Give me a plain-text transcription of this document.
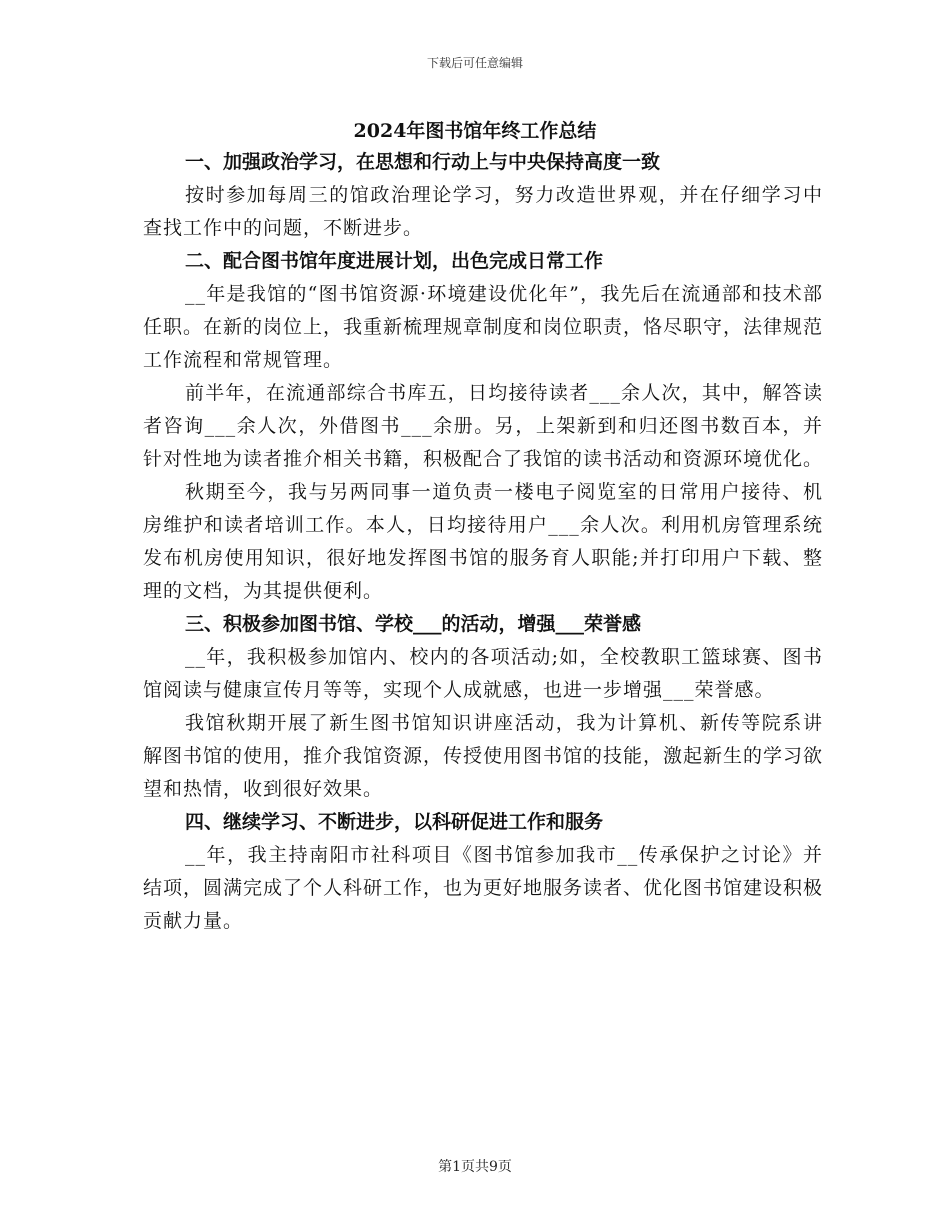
下载后可任意编辑
2024年图书馆年终工作总结
一、加强政治学习，在思想和行动上与中央保持高度一致

按时参加每周三的馆政治理论学习，努力改造世界观，并在仔细学习中查找工作中的问题，不断进步。

二、配合图书馆年度进展计划，出色完成日常工作

__年是我馆的“图书馆资源·环境建设优化年”，我先后在流通部和技术部任职。在新的岗位上，我重新梳理规章制度和岗位职责，恪尽职守，法律规范工作流程和常规管理。

前半年，在流通部综合书库五，日均接待读者___余人次，其中，解答读者咨询___余人次，外借图书___余册。另，上架新到和归还图书数百本，并针对性地为读者推介相关书籍，积极配合了我馆的读书活动和资源环境优化。

秋期至今，我与另两同事一道负责一楼电子阅览室的日常用户接待、机房维护和读者培训工作。本人，日均接待用户___余人次。利用机房管理系统发布机房使用知识，很好地发挥图书馆的服务育人职能;并打印用户下载、整理的文档，为其提供便利。

三、积极参加图书馆、学校___的活动，增强___荣誉感

__年，我积极参加馆内、校内的各项活动;如，全校教职工篮球赛、图书馆阅读与健康宣传月等等，实现个人成就感，也进一步增强___荣誉感。

我馆秋期开展了新生图书馆知识讲座活动，我为计算机、新传等院系讲解图书馆的使用，推介我馆资源，传授使用图书馆的技能，激起新生的学习欲望和热情，收到很好效果。

四、继续学习、不断进步，以科研促进工作和服务

__年，我主持南阳市社科项目《图书馆参加我市__传承保护之讨论》并结项，圆满完成了个人科研工作，也为更好地服务读者、优化图书馆建设积极贡献力量。

第1页共9页
